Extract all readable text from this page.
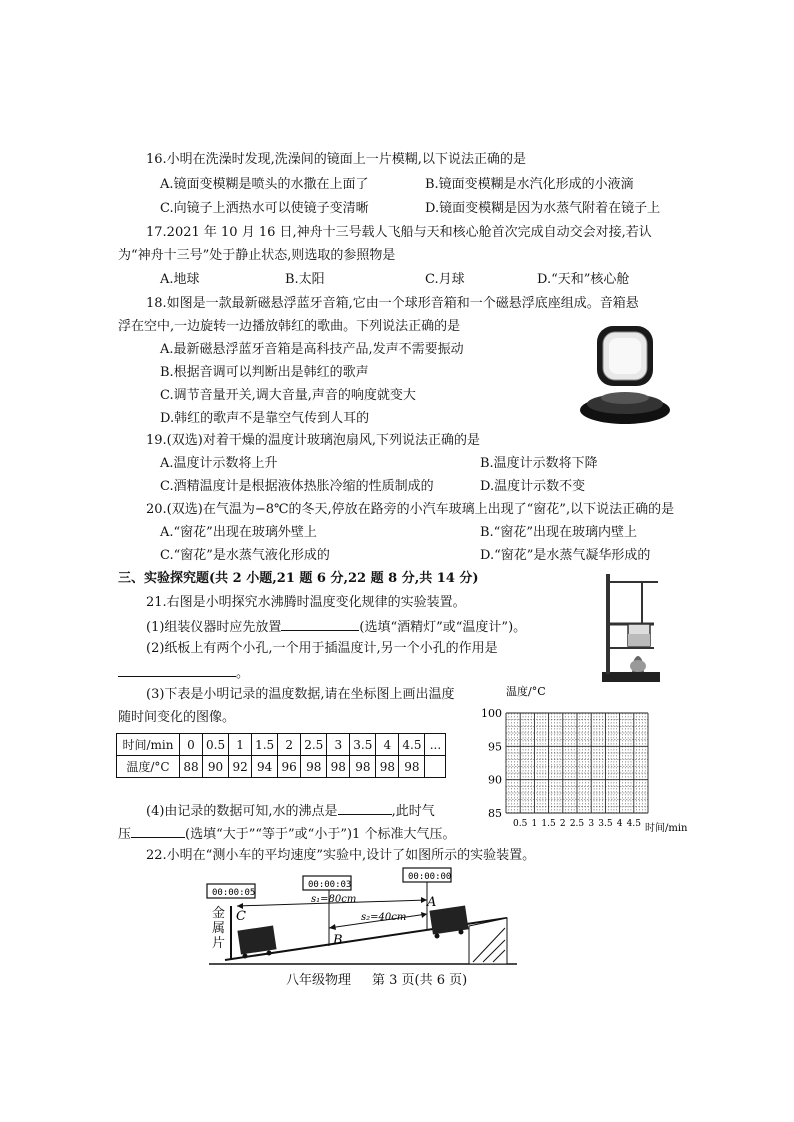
16.小明在洗澡时发现,洗澡间的镜面上一片模糊,以下说法正确的是
A.镜面变模糊是喷头的水撒在上面了	B.镜面变模糊是水汽化形成的小液滴
C.向镜子上洒热水可以使镜子变清晰	D.镜面变模糊是因为水蒸气附着在镜子上
17.2021 年 10 月 16 日,神舟十三号载人飞船与天和核心舱首次完成自动交会对接,若认
为“神舟十三号”处于静止状态,则选取的参照物是
A.地球	B.太阳	C.月球	D.“天和”核心舱
18.如图是一款最新磁悬浮蓝牙音箱,它由一个球形音箱和一个磁悬浮底座组成。音箱悬
浮在空中,一边旋转一边播放韩红的歌曲。下列说法正确的是
A.最新磁悬浮蓝牙音箱是高科技产品,发声不需要振动
B.根据音调可以判断出是韩红的歌声
C.调节音量开关,调大音量,声音的响度就变大
D.韩红的歌声不是靠空气传到人耳的
19.(双选)对着干燥的温度计玻璃泡扇风,下列说法正确的是
A.温度计示数将上升	B.温度计示数将下降
C.酒精温度计是根据液体热胀冷缩的性质制成的	D.温度计示数不变
20.(双选)在气温为−8℃的冬天,停放在路旁的小汽车玻璃上出现了“窗花”,以下说法正确的是
A.“窗花”出现在玻璃外壁上	B.“窗花”出现在玻璃内壁上
C.“窗花”是水蒸气液化形成的	D.“窗花”是水蒸气凝华形成的
三、实验探究题(共 2 小题,21 题 6 分,22 题 8 分,共 14 分)
21.右图是小明探究水沸腾时温度变化规律的实验装置。
(1)组装仪器时应先放置	(选填“酒精灯”或“温度计”)。
(2)纸板上有两个小孔,一个用于插温度计,另一个小孔的作用是
。
(3)下表是小明记录的温度数据,请在坐标图上画出温度
随时间变化的图像。
时间/min	0	0.5	1	1.5	2	2.5	3	3.5	4	4.5	...
温度/°C	88	90	92	94	96	98	98	98	98	98	
(4)由记录的数据可知,水的沸点是	,此时气
压	(选填“大于”“等于”或“小于”)1 个标准大气压。
85
90
95
100
0.5 1 1.5 2 2.5 3 3.5 4 4.5
温度/°C
时间/min
22.小明在“测小车的平均速度”实验中,设计了如图所示的实验装置。
00:00:05
00:00:03
00:00:00
s₁=80cm
s₂=40cm
C
B
A
金属片
八年级物理 第 3 页(共 6 页)
